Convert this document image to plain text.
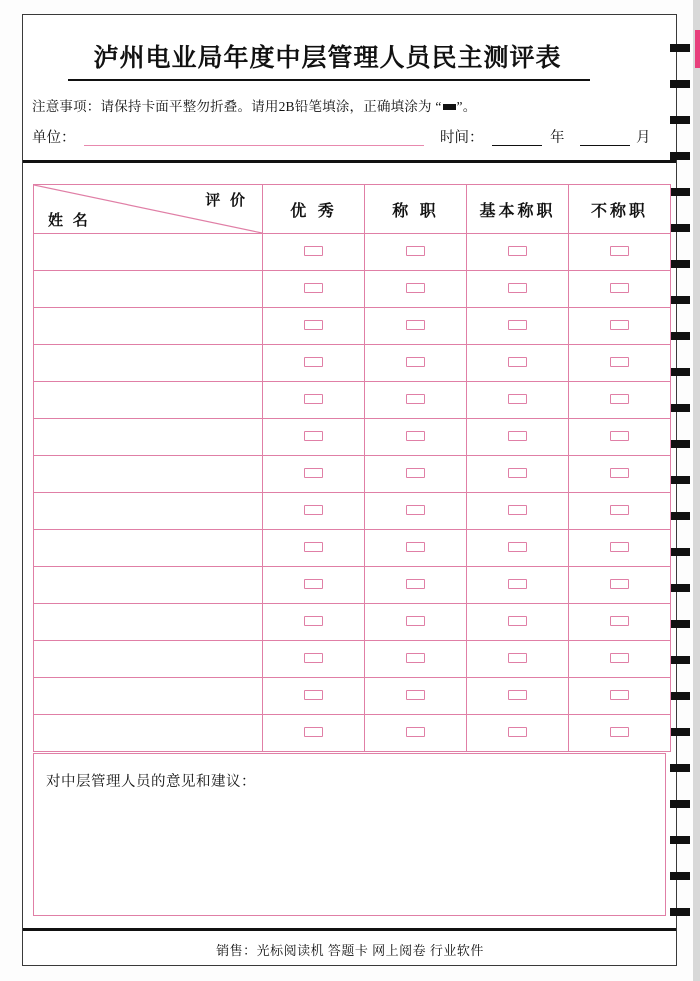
泸州电业局年度中层管理人员民主测评表
注意事项：请保持卡面平整勿折叠。请用2B铅笔填涂，正确填涂为 “ ”。
单位：	时间：	年	月
评 价
姓 名	优 秀	称 职	基本称职	不称职

对中层管理人员的意见和建议：
销售：光标阅读机 答题卡 网上阅卷 行业软件
